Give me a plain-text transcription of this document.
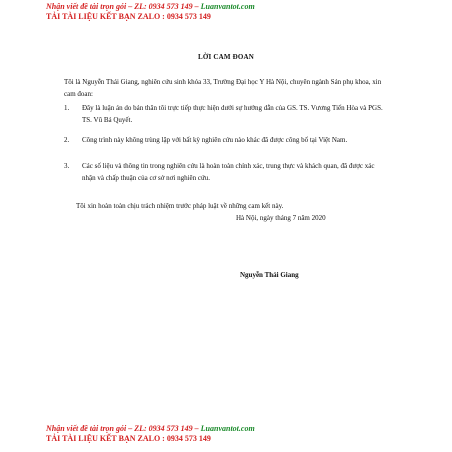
Nhận viết đề tài trọn gói – ZL: 0934 573 149 – Luanvantot.com
TẢI TÀI LIỆU KẾT BẠN ZALO : 0934 573 149
LỜI CAM ĐOAN
Tôi là Nguyễn Thái Giang, nghiên cứu sinh khóa 33, Trường Đại học Y Hà Nội, chuyên ngành Sản phụ khoa, xin cam đoan:
1. Đây là luận án do bản thân tôi trực tiếp thực hiện dưới sự hướng dẫn của GS. TS. Vương Tiến Hòa và PGS. TS. Vũ Bá Quyết.
2. Công trình này không trùng lặp với bất kỳ nghiên cứu nào khác đã được công bố tại Việt Nam.
3. Các số liệu và thông tin trong nghiên cứu là hoàn toàn chính xác, trung thực và khách quan, đã được xác nhận và chấp thuận của cơ sở nơi nghiên cứu.
Tôi xin hoàn toàn chịu trách nhiệm trước pháp luật về những cam kết này.
Hà Nội, ngày tháng 7 năm 2020
Nguyễn Thái Giang
Nhận viết đề tài trọn gói – ZL: 0934 573 149 – Luanvantot.com
TẢI TÀI LIỆU KẾT BẠN ZALO : 0934 573 149
